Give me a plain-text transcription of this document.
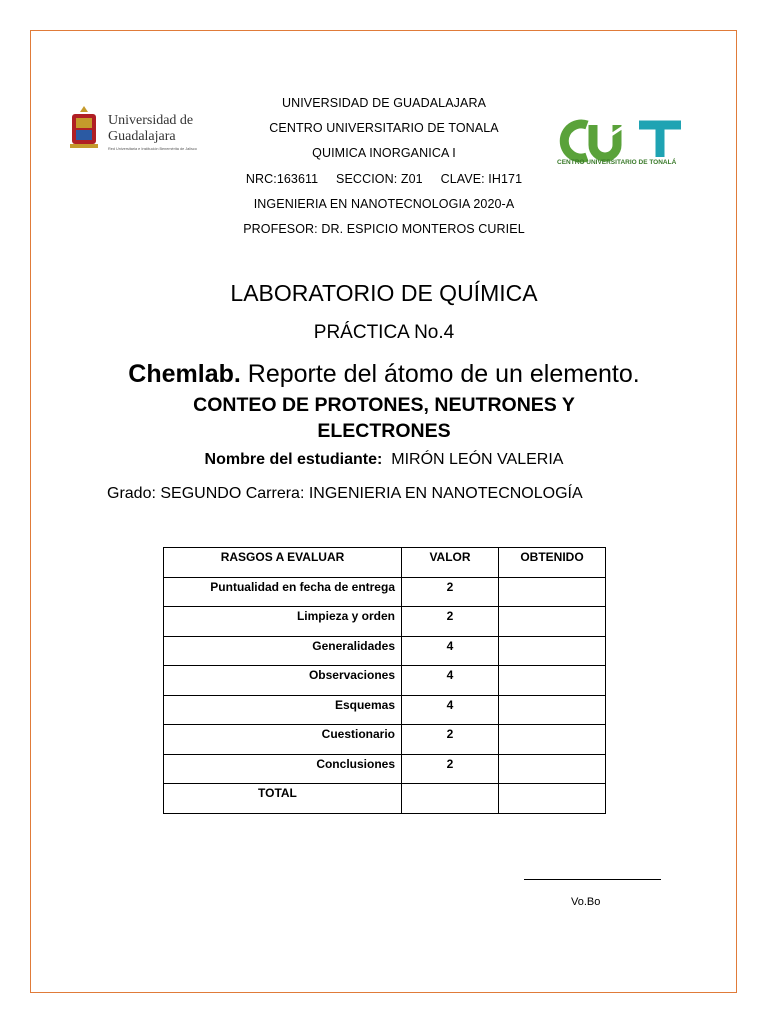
Universidad de
Guadalajara
Red Universitaria e Institución Benemérita de Jalisco
CENTRO UNIVERSITARIO DE TONALÁ
UNIVERSIDAD DE GUADALAJARA
CENTRO UNIVERSITARIO DE TONALA
QUIMICA INORGANICA I
NRC:163611     SECCION: Z01     CLAVE: IH171
INGENIERIA EN NANOTECNOLOGIA 2020-A
PROFESOR: DR. ESPICIO MONTEROS CURIEL
LABORATORIO DE QUÍMICA
PRÁCTICA No.4
Chemlab. Reporte del átomo de un elemento.
CONTEO DE PROTONES, NEUTRONES Y
ELECTRONES
Nombre del estudiante: MIRÓN LEÓN VALERIA
Grado: SEGUNDO Carrera: INGENIERIA EN NANOTECNOLOGÍA
RASGOS A EVALUAR	VALOR	OBTENIDO
Puntualidad en fecha de entrega	2	
Limpieza y orden	2	
Generalidades	4	
Observaciones	4	
Esquemas	4	
Cuestionario	2	
Conclusiones	2	
TOTAL		
Vo.Bo
